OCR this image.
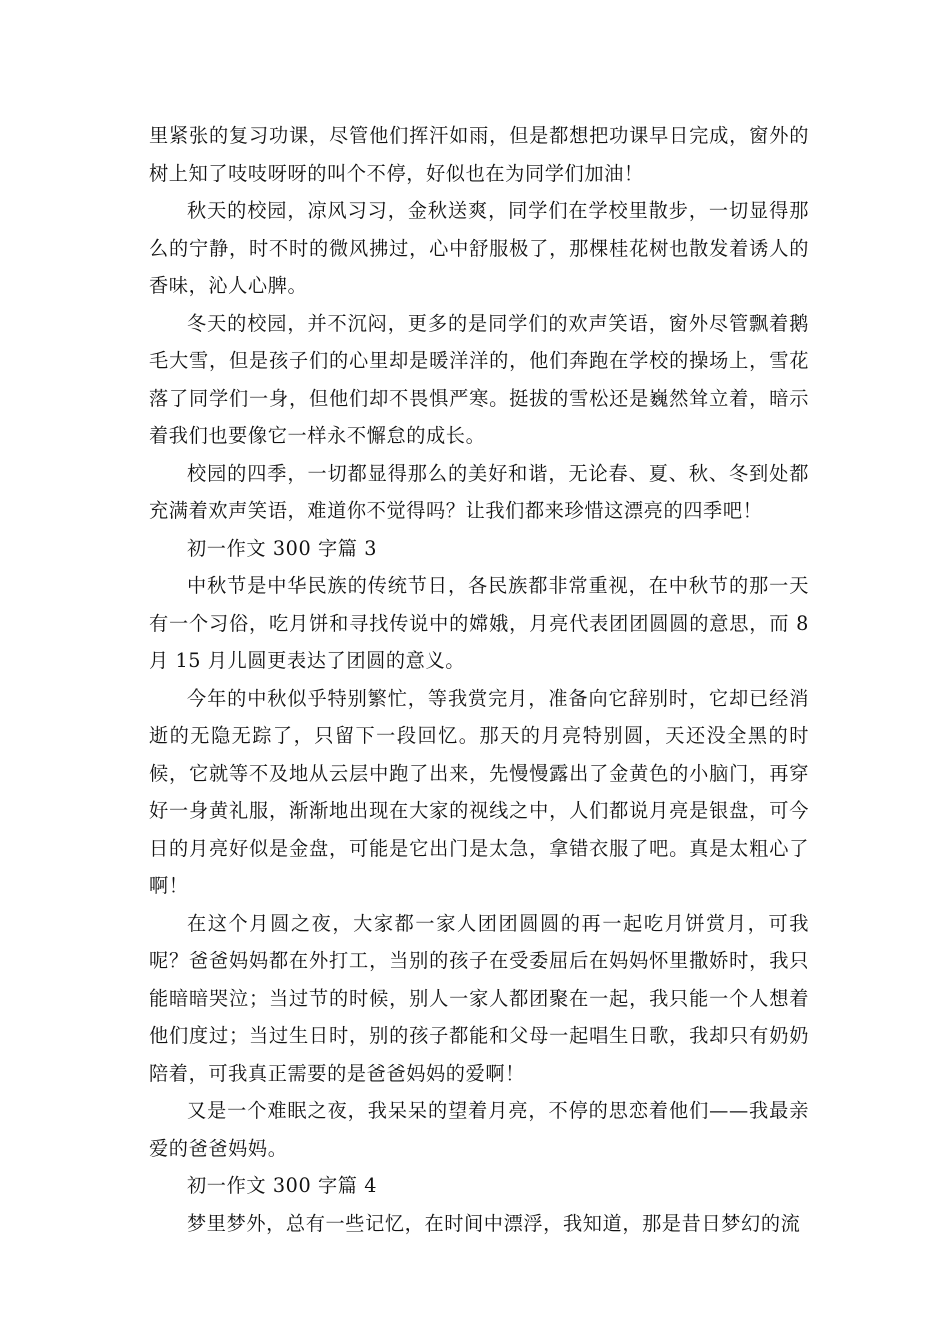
里紧张的复习功课，尽管他们挥汗如雨，但是都想把功课早日完成，窗外的树上知了吱吱呀呀的叫个不停，好似也在为同学们加油！

秋天的校园，凉风习习，金秋送爽，同学们在学校里散步，一切显得那么的宁静，时不时的微风拂过，心中舒服极了，那棵桂花树也散发着诱人的香味，沁人心脾。

冬天的校园，并不沉闷，更多的是同学们的欢声笑语，窗外尽管飘着鹅毛大雪，但是孩子们的心里却是暖洋洋的，他们奔跑在学校的操场上，雪花落了同学们一身，但他们却不畏惧严寒。挺拔的雪松还是巍然耸立着，暗示着我们也要像它一样永不懈怠的成长。

校园的四季，一切都显得那么的美好和谐，无论春、夏、秋、冬到处都充满着欢声笑语，难道你不觉得吗？让我们都来珍惜这漂亮的四季吧！

初一作文 300 字篇 3

中秋节是中华民族的传统节日，各民族都非常重视，在中秋节的那一天有一个习俗，吃月饼和寻找传说中的嫦娥，月亮代表团团圆圆的意思，而 8 月 15 月儿圆更表达了团圆的意义。

今年的中秋似乎特别繁忙，等我赏完月，准备向它辞别时，它却已经消逝的无隐无踪了，只留下一段回忆。那天的月亮特别圆，天还没全黑的时候，它就等不及地从云层中跑了出来，先慢慢露出了金黄色的小脑门，再穿好一身黄礼服，渐渐地出现在大家的视线之中，人们都说月亮是银盘，可今日的月亮好似是金盘，可能是它出门是太急，拿错衣服了吧。真是太粗心了啊！

在这个月圆之夜，大家都一家人团团圆圆的再一起吃月饼赏月，可我呢？爸爸妈妈都在外打工，当别的孩子在受委屈后在妈妈怀里撒娇时，我只能暗暗哭泣；当过节的时候，别人一家人都团聚在一起，我只能一个人想着他们度过；当过生日时，别的孩子都能和父母一起唱生日歌，我却只有奶奶陪着，可我真正需要的是爸爸妈妈的爱啊！

又是一个难眠之夜，我呆呆的望着月亮，不停的思恋着他们——我最亲爱的爸爸妈妈。

初一作文 300 字篇 4

梦里梦外，总有一些记忆，在时间中漂浮，我知道，那是昔日梦幻的流
